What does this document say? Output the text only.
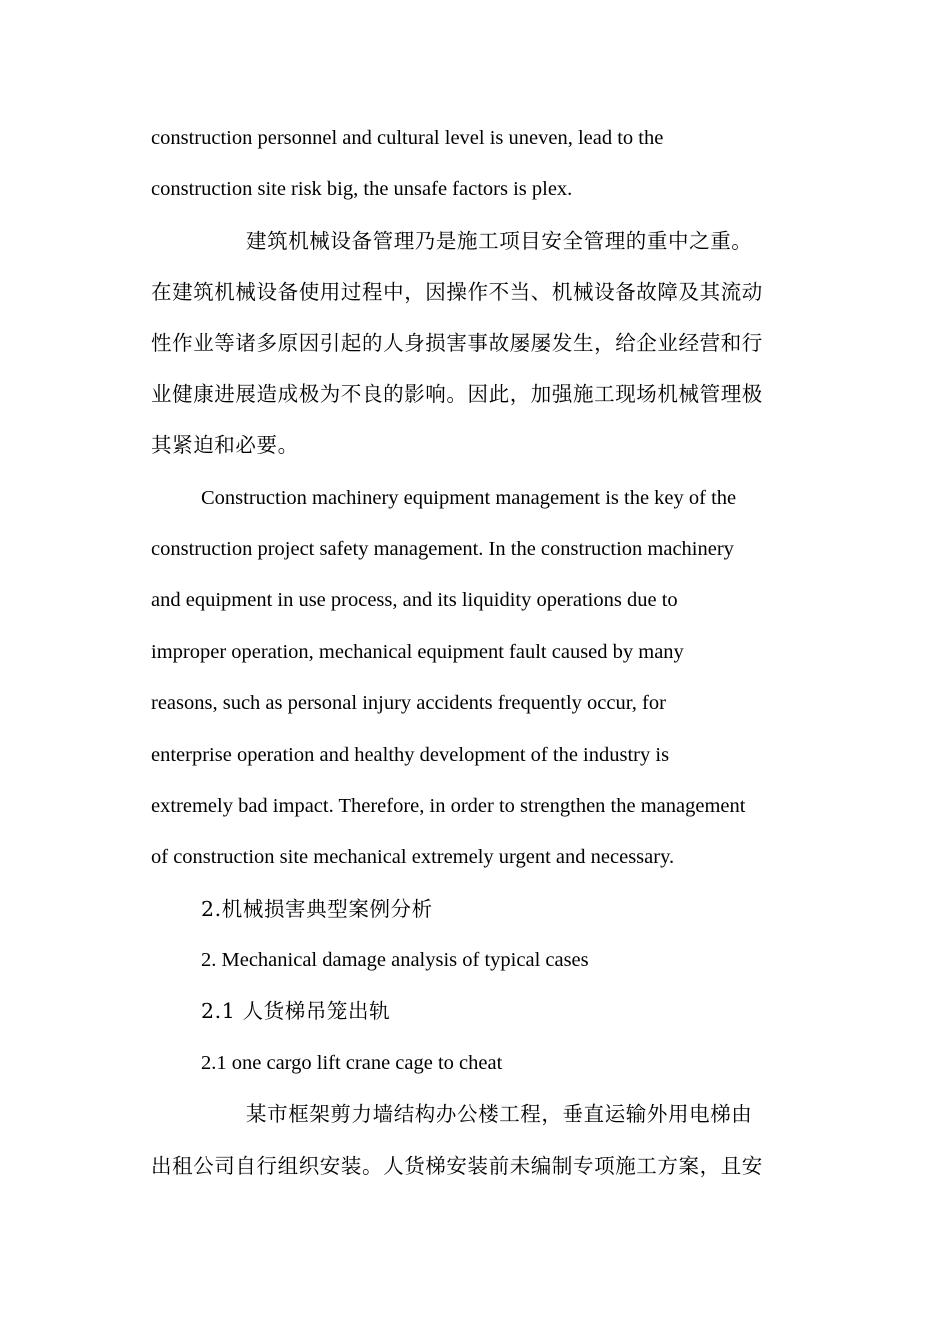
construction personnel and cultural level is uneven, lead to the
construction site risk big, the unsafe factors is plex.
建筑机械设备管理乃是施工项目安全管理的重中之重。
在建筑机械设备使用过程中，因操作不当、机械设备故障及其流动
性作业等诸多原因引起的人身损害事故屡屡发生，给企业经营和行
业健康进展造成极为不良的影响。因此，加强施工现场机械管理极
其紧迫和必要。
Construction machinery equipment management is the key of the
construction project safety management. In the construction machinery
and equipment in use process, and its liquidity operations due to
improper operation, mechanical equipment fault caused by many
reasons, such as personal injury accidents frequently occur, for
enterprise operation and healthy development of the industry is
extremely bad impact. Therefore, in order to strengthen the management
of construction site mechanical extremely urgent and necessary.
2.机械损害典型案例分析
2. Mechanical damage analysis of typical cases
2.1 人货梯吊笼出轨
2.1 one cargo lift crane cage to cheat
某市框架剪力墙结构办公楼工程，垂直运输外用电梯由
出租公司自行组织安装。人货梯安装前未编制专项施工方案，且安
